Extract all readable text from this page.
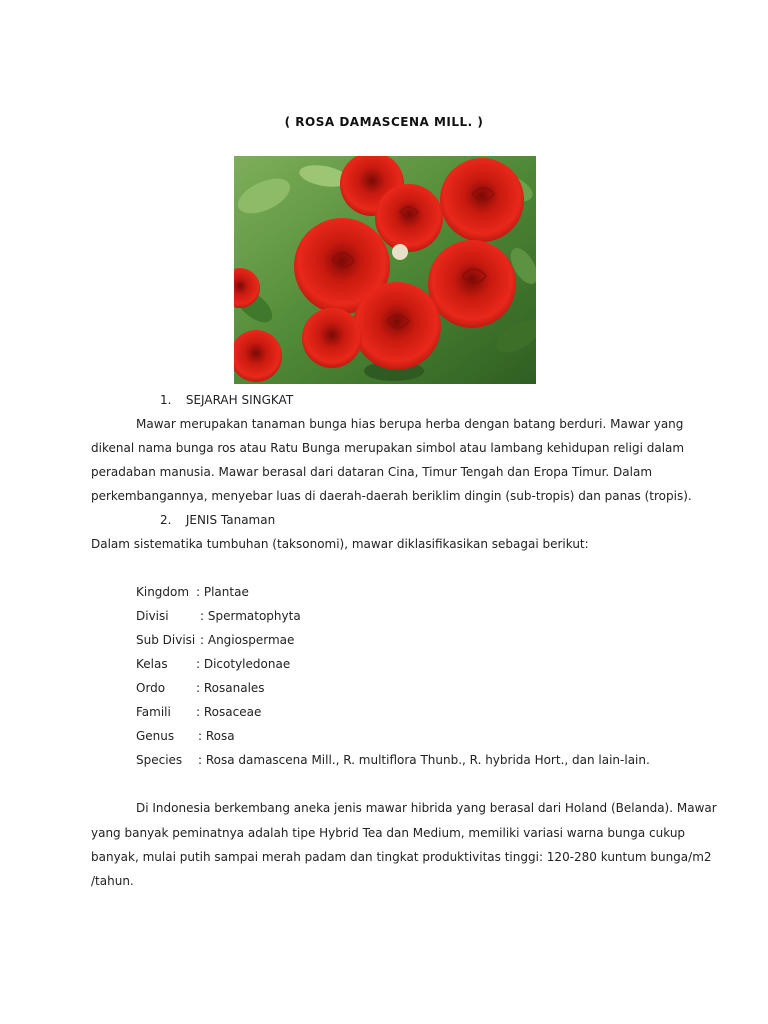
( ROSA DAMASCENA MILL. )
1. SEJARAH SINGKAT
Mawar merupakan tanaman bunga hias berupa herba dengan batang berduri. Mawar yang
dikenal nama bunga ros atau Ratu Bunga merupakan simbol atau lambang kehidupan religi dalam
peradaban manusia. Mawar berasal dari dataran Cina, Timur Tengah dan Eropa Timur. Dalam
perkembangannya, menyebar luas di daerah-daerah beriklim dingin (sub-tropis) dan panas (tropis).
2. JENIS Tanaman
Dalam sistematika tumbuhan (taksonomi), mawar diklasifikasikan sebagai berikut:
Kingdom : Plantae
Divisi	: Spermatophyta
Sub Divisi : Angiospermae
Kelas : Dicotyledonae
Ordo	: Rosanales
Famili : Rosaceae
Genus : Rosa
Species : Rosa damascena Mill., R. multiflora Thunb., R. hybrida Hort., dan lain-lain.
Di Indonesia berkembang aneka jenis mawar hibrida yang berasal dari Holand (Belanda). Mawar
yang banyak peminatnya adalah tipe Hybrid Tea dan Medium, memiliki variasi warna bunga cukup
banyak, mulai putih sampai merah padam dan tingkat produktivitas tinggi: 120-280 kuntum bunga/m2
/tahun.
